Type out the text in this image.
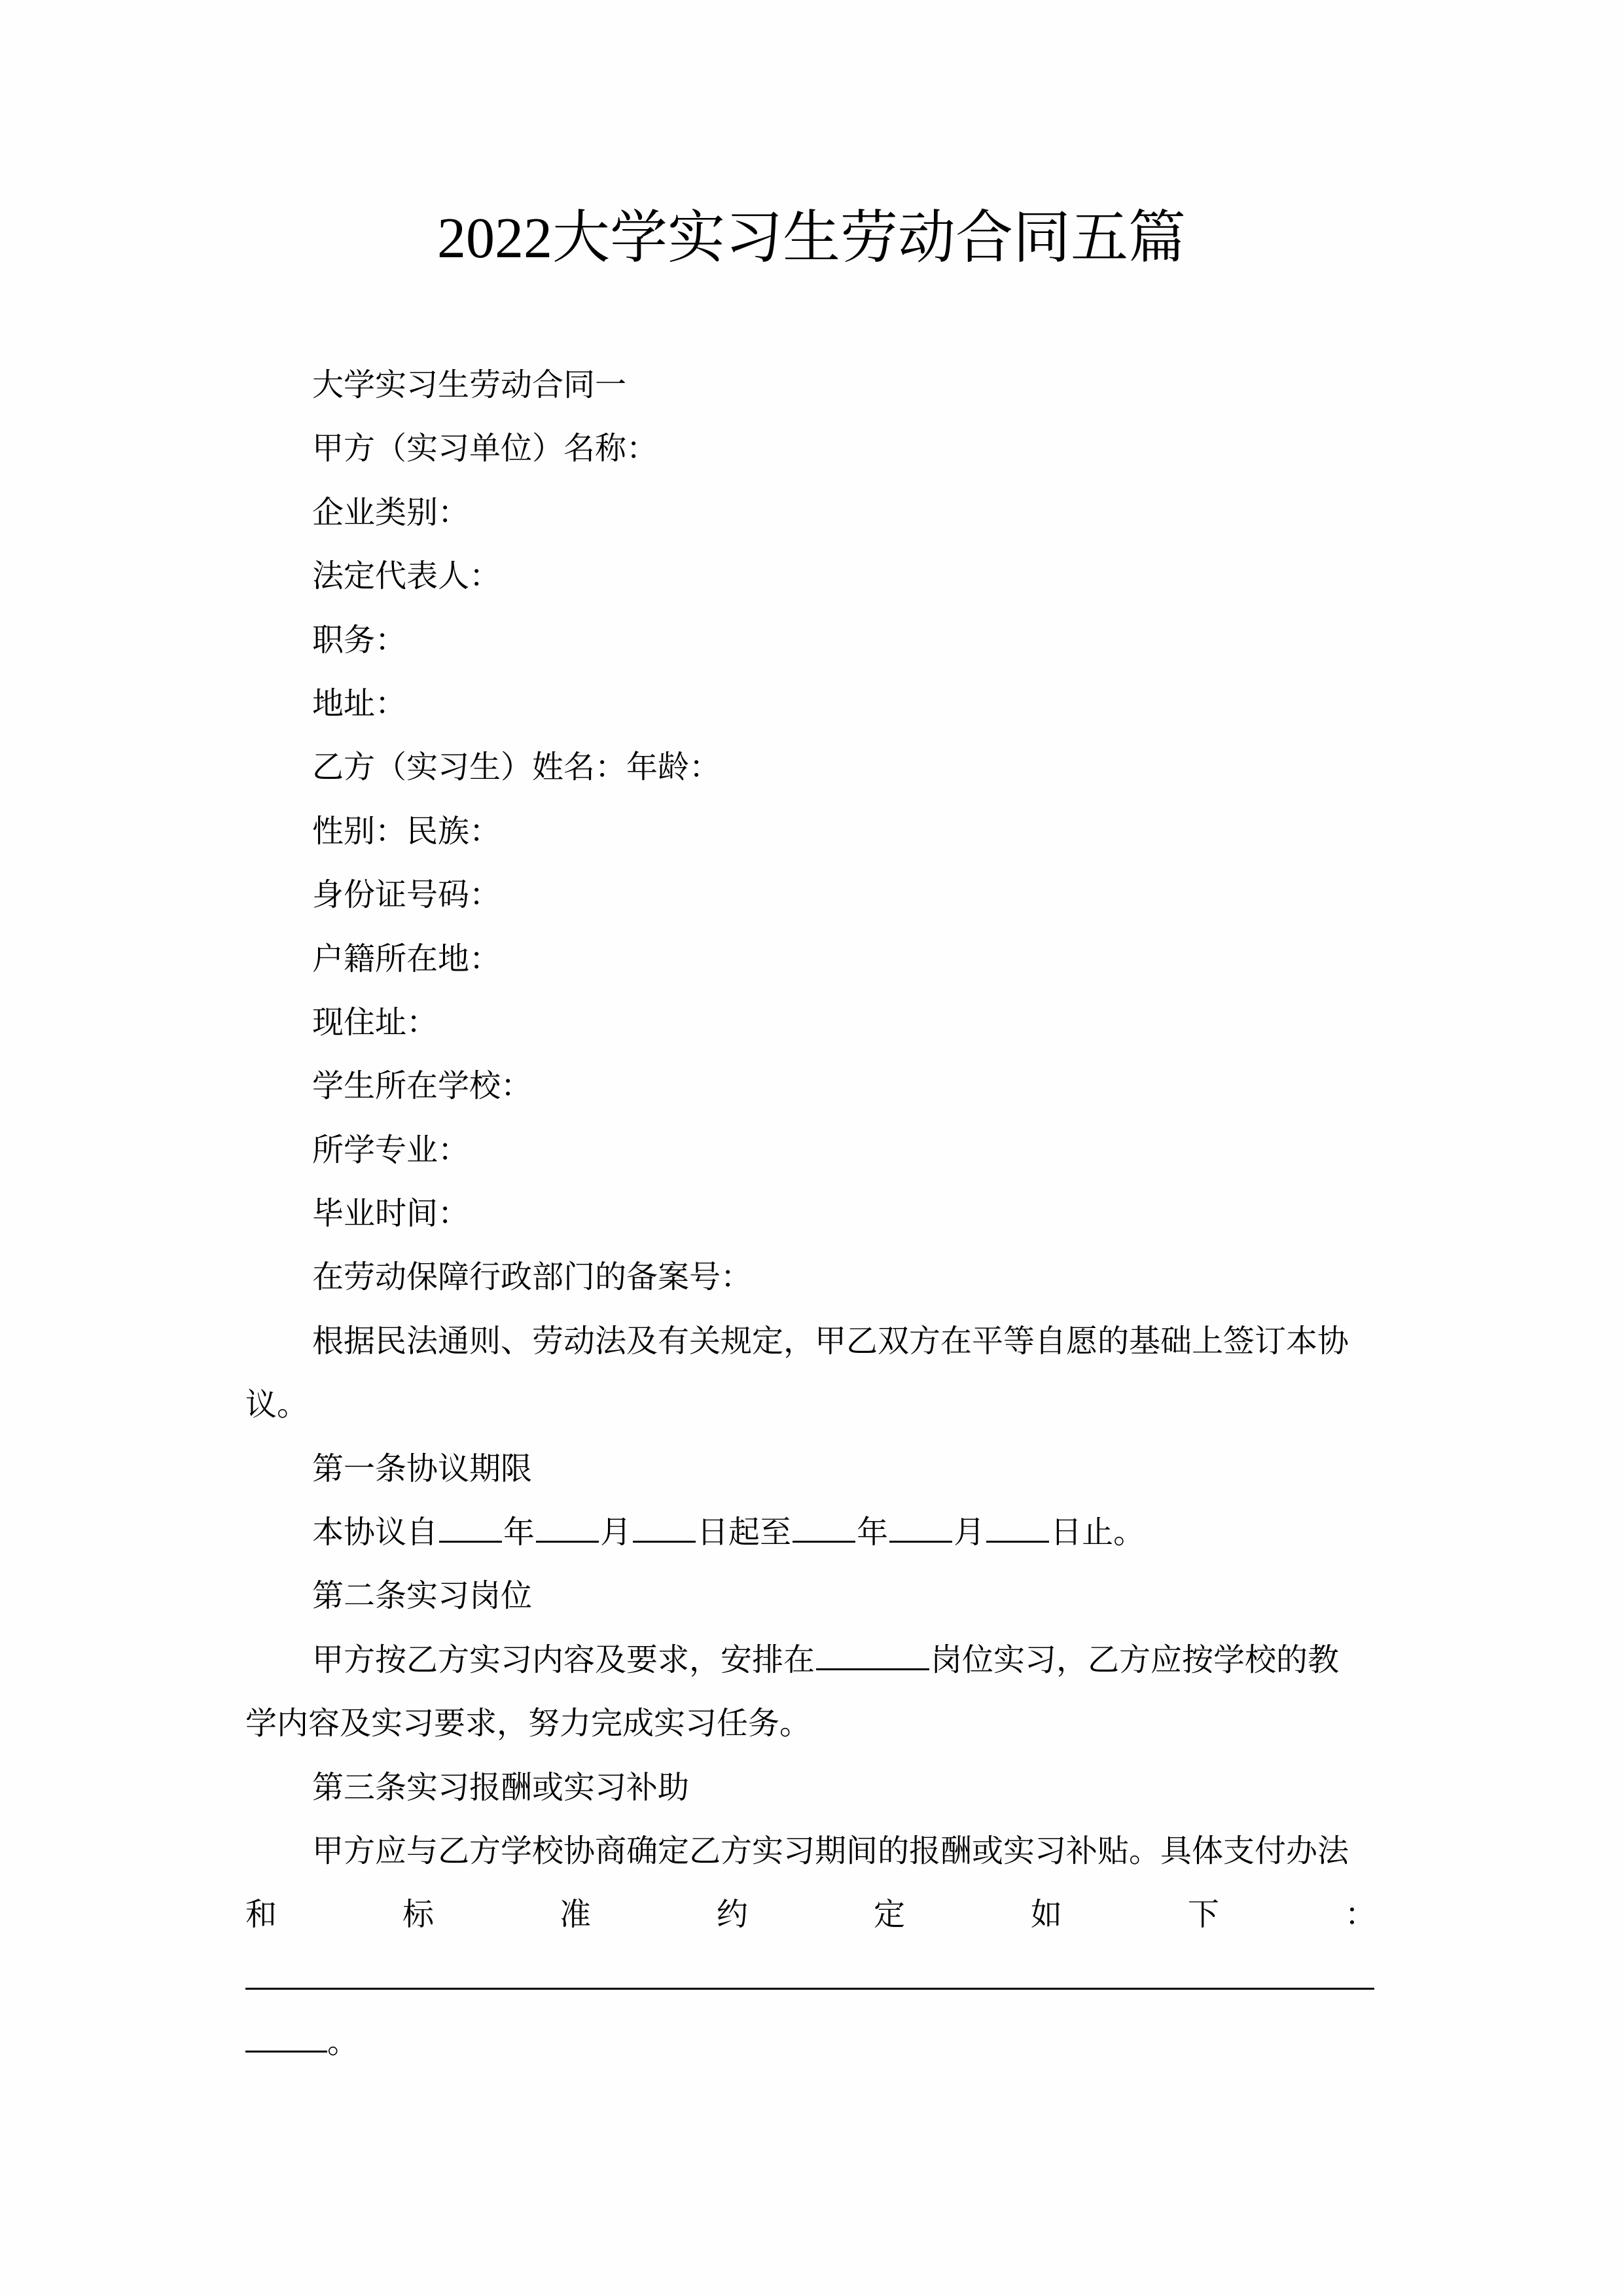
2022大学实习生劳动合同五篇
大学实习生劳动合同一
甲方（实习单位）名称：
企业类别：
法定代表人：
职务：
地址：
乙方（实习生）姓名：年龄：
性别：民族：
身份证号码：
户籍所在地：
现住址：
学生所在学校：
所学专业：
毕业时间：
在劳动保障行政部门的备案号：
根据民法通则、劳动法及有关规定，甲乙双方在平等自愿的基础上签订本协
议。
第一条协议期限
本协议自 年 月 日起至 年 月 日止。
第二条实习岗位
甲方按乙方实习内容及要求，安排在	岗位实习，乙方应按学校的教
学内容及实习要求，努力完成实习任务。
第三条实习报酬或实习补助
甲方应与乙方学校协商确定乙方实习期间的报酬或实习补贴。具体支付办法
和	标	准	约	定	如	下	：
。
